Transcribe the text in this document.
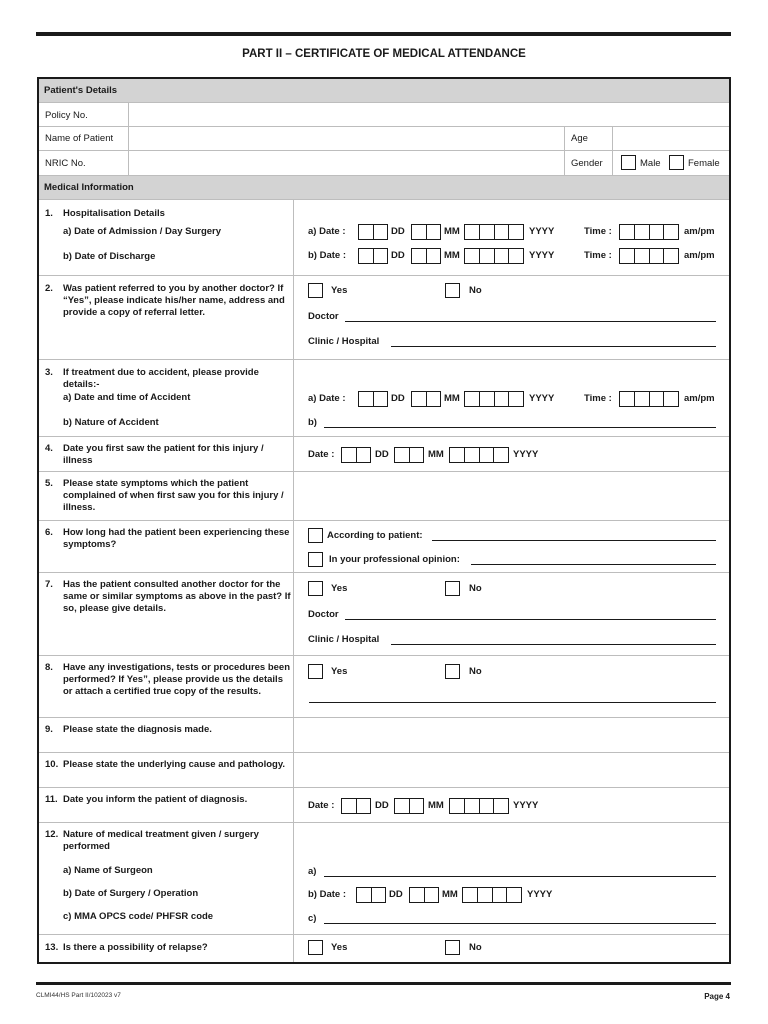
PART II – CERTIFICATE OF MEDICAL ATTENDANCE
Patient's Details
Policy No.
Name of Patient	Age
NRIC No.	Gender	Male	Female
Medical Information
1. Hospitalisation Details
a) Date of Admission / Day Surgery
b) Date of Discharge
a) Date :	DD	MM	YYYY	Time :	am/pm
b) Date :	DD	MM	YYYY	Time :	am/pm
2. Was patient referred to you by another doctor? If “Yes”, please indicate his/her name, address and provide a copy of referral letter.
Yes	No
Doctor
Clinic / Hospital
3. If treatment due to accident, please provide details:-
a) Date and time of Accident
b) Nature of Accident
a) Date :	DD	MM	YYYY	Time :	am/pm
b)
4. Date you first saw the patient for this injury / illness
Date :	DD	MM	YYYY
5. Please state symptoms which the patient complained of when first saw you for this injury / illness.
6. How long had the patient been experiencing these symptoms?
According to patient:
In your professional opinion:
7. Has the patient consulted another doctor for the same or similar symptoms as above in the past? If so, please give details.
Yes	No
Doctor
Clinic / Hospital
8. Have any investigations, tests or procedures been performed? If Yes”, please provide us the details or attach a certified true copy of the results.
Yes	No
9. Please state the diagnosis made.
10. Please state the underlying cause and pathology.
11. Date you inform the patient of diagnosis.
Date :	DD	MM	YYYY
12. Nature of medical treatment given / surgery performed
a) Name of Surgeon
b) Date of Surgery / Operation
c) MMA OPCS code/ PHFSR code
a)
b) Date :	DD	MM	YYYY
c)
13. Is there a possibility of relapse?	Yes	No
CLMI44/HS Part II/102023 v7	Page 4
